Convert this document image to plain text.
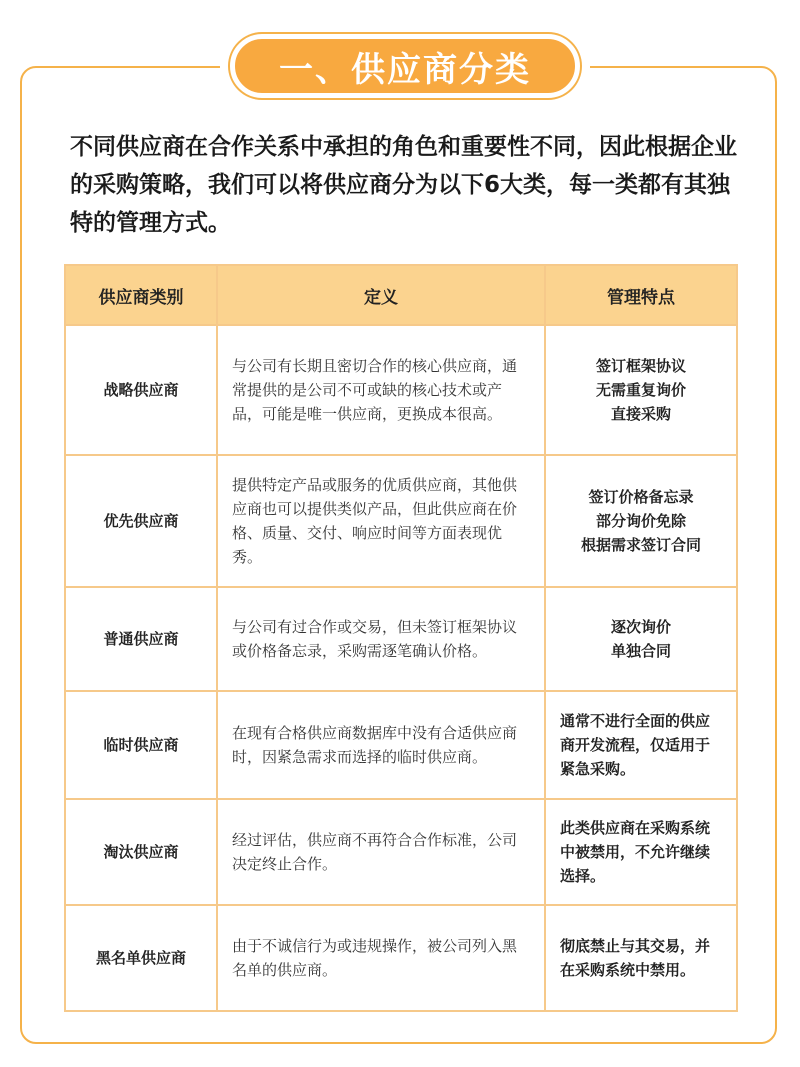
一、供应商分类

不同供应商在合作关系中承担的角色和重要性不同，因此根据企业的采购策略，我们可以将供应商分为以下6大类，每一类都有其独特的管理方式。

供应商类别	定义	管理特点
战略供应商	与公司有长期且密切合作的核心供应商，通常提供的是公司不可或缺的核心技术或产品，可能是唯一供应商，更换成本很高。	签订框架协议
无需重复询价
直接采购

优先供应商	提供特定产品或服务的优质供应商，其他供应商也可以提供类似产品，但此供应商在价格、质量、交付、响应时间等方面表现优秀。	签订价格备忘录
部分询价免除
根据需求签订合同

普通供应商	与公司有过合作或交易，但未签订框架协议或价格备忘录，采购需逐笔确认价格。	逐次询价
单独合同

临时供应商	在现有合格供应商数据库中没有合适供应商时，因紧急需求而选择的临时供应商。	通常不进行全面的供应商开发流程，仅适用于紧急采购。
淘汰供应商	经过评估，供应商不再符合合作标准，公司决定终止合作。	此类供应商在采购系统中被禁用，不允许继续选择。
黑名单供应商	由于不诚信行为或违规操作，被公司列入黑名单的供应商。	彻底禁止与其交易，并在采购系统中禁用。
